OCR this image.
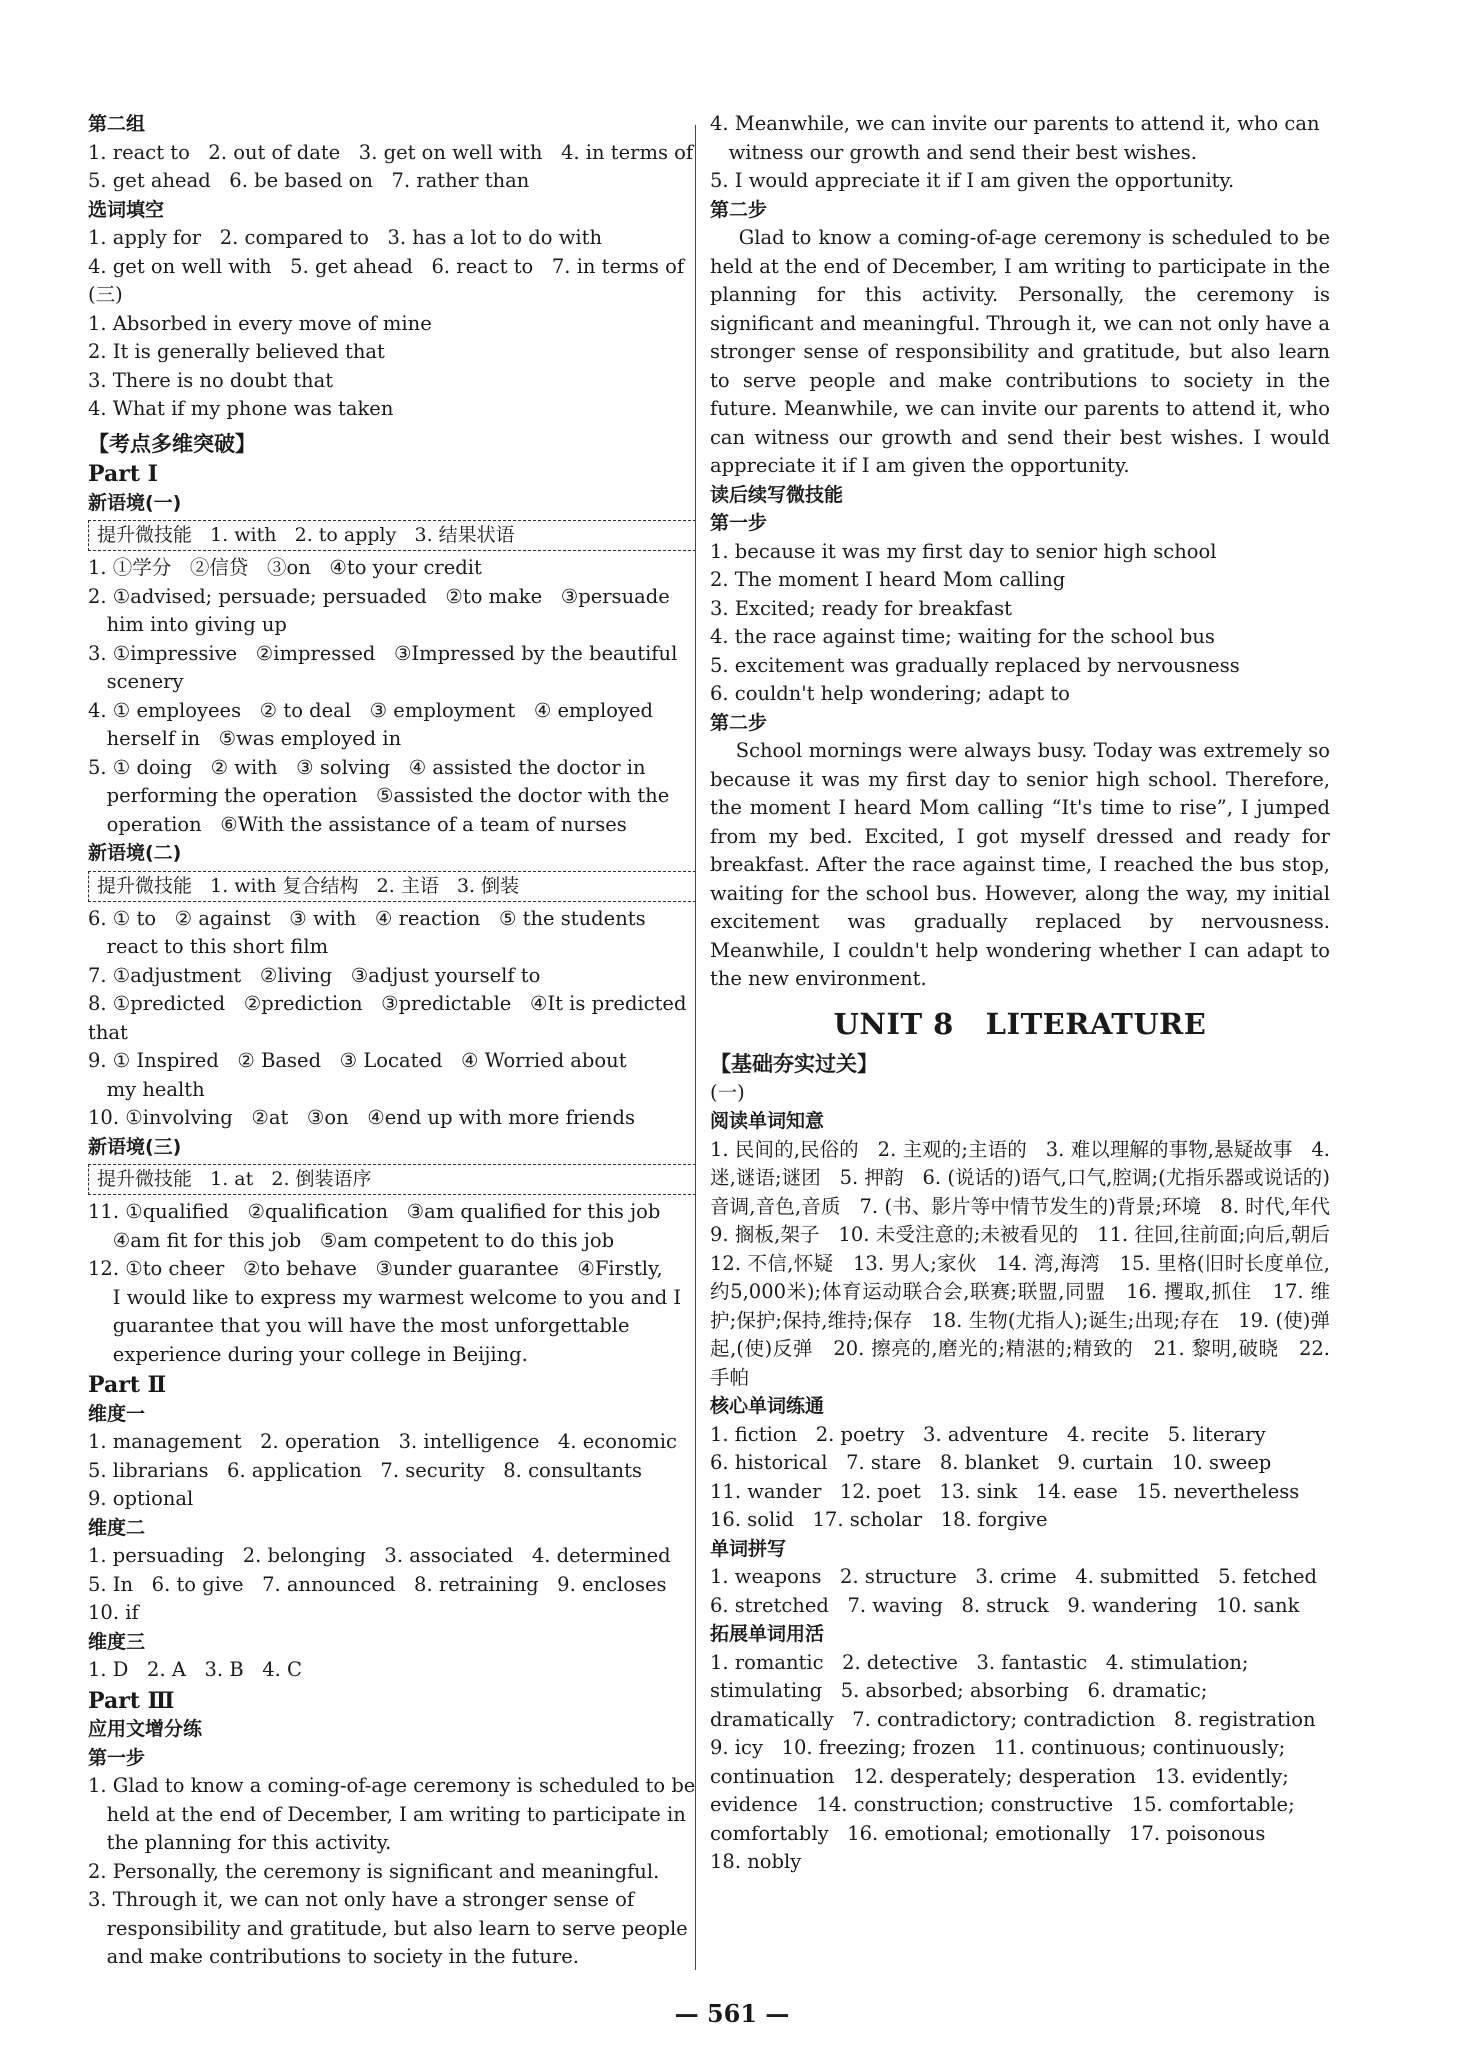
第二组
1. react to   2. out of date   3. get on well with   4. in terms of
5. get ahead   6. be based on   7. rather than
选词填空
1. apply for   2. compared to   3. has a lot to do with
4. get on well with   5. get ahead   6. react to   7. in terms of
(三)
1. Absorbed in every move of mine
2. It is generally believed that
3. There is no doubt that
4. What if my phone was taken
【考点多维突破】
Part Ⅰ
新语境(一)
提升微技能   1. with   2. to apply   3. 结果状语
1. ①学分   ②信贷   ③on   ④to your credit
2. ①advised; persuade; persuaded   ②to make   ③persuade
him into giving up
3. ①impressive   ②impressed   ③Impressed by the beautiful
scenery
4. ① employees   ② to deal   ③ employment   ④ employed
herself in   ⑤was employed in
5. ① doing   ② with   ③ solving   ④ assisted the doctor in
performing the operation   ⑤assisted the doctor with the
operation   ⑥With the assistance of a team of nurses
新语境(二)
提升微技能   1. with 复合结构   2. 主语   3. 倒装
6. ① to   ② against   ③ with   ④ reaction   ⑤ the students
react to this short film
7. ①adjustment   ②living   ③adjust yourself to
8. ①predicted   ②prediction   ③predictable   ④It is predicted that
9. ① Inspired   ② Based   ③ Located   ④ Worried about
my health
10. ①involving   ②at   ③on   ④end up with more friends
新语境(三)
提升微技能   1. at   2. 倒装语序
11. ①qualified   ②qualification   ③am qualified for this job
④am fit for this job   ⑤am competent to do this job
12. ①to cheer   ②to behave   ③under guarantee   ④Firstly,
I would like to express my warmest welcome to you and I
guarantee that you will have the most unforgettable
experience during your college in Beijing.
Part Ⅱ
维度一
1. management   2. operation   3. intelligence   4. economic
5. librarians   6. application   7. security   8. consultants
9. optional
维度二
1. persuading   2. belonging   3. associated   4. determined
5. In   6. to give   7. announced   8. retraining   9. encloses
10. if
维度三
1. D   2. A   3. B   4. C
Part Ⅲ
应用文增分练
第一步
1. Glad to know a coming-of-age ceremony is scheduled to be
held at the end of December, I am writing to participate in
the planning for this activity.
2. Personally, the ceremony is significant and meaningful.
3. Through it, we can not only have a stronger sense of
responsibility and gratitude, but also learn to serve people
and make contributions to society in the future.
4. Meanwhile, we can invite our parents to attend it, who can
witness our growth and send their best wishes.
5. I would appreciate it if I am given the opportunity.
第二步
Glad to know a coming-of-age ceremony is scheduled to be held at the end of December, I am writing to participate in the planning for this activity. Personally, the ceremony is significant and meaningful. Through it, we can not only have a stronger sense of responsibility and gratitude, but also learn to serve people and make contributions to society in the future. Meanwhile, we can invite our parents to attend it, who can witness our growth and send their best wishes. I would appreciate it if I am given the opportunity.
读后续写微技能
第一步
1. because it was my first day to senior high school
2. The moment I heard Mom calling
3. Excited; ready for breakfast
4. the race against time; waiting for the school bus
5. excitement was gradually replaced by nervousness
6. couldn't help wondering; adapt to
第二步
School mornings were always busy. Today was extremely so because it was my first day to senior high school. Therefore, the moment I heard Mom calling “It's time to rise”, I jumped from my bed. Excited, I got myself dressed and ready for breakfast. After the race against time, I reached the bus stop, waiting for the school bus. However, along the way, my initial excitement was gradually replaced by nervousness. Meanwhile, I couldn't help wondering whether I can adapt to the new environment.
UNIT 8   LITERATURE
【基础夯实过关】
(一)
阅读单词知意
1. 民间的,民俗的   2. 主观的;主语的   3. 难以理解的事物,悬疑故事   4. 迷,谜语;谜团   5. 押韵   6. (说话的)语气,口气,腔调;(尤指乐器或说话的)音调,音色,音质   7. (书、影片等中情节发生的)背景;环境   8. 时代,年代   9. 搁板,架子   10. 未受注意的;未被看见的   11. 往回,往前面;向后,朝后   12. 不信,怀疑   13. 男人;家伙   14. 湾,海湾   15. 里格(旧时长度单位,约5,000米);体育运动联合会,联赛;联盟,同盟   16. 攫取,抓住   17. 维护;保护;保持,维持;保存   18. 生物(尤指人);诞生;出现;存在   19. (使)弹起,(使)反弹   20. 擦亮的,磨光的;精湛的;精致的   21. 黎明,破晓   22. 手帕
核心单词练通
1. fiction   2. poetry   3. adventure   4. recite   5. literary
6. historical   7. stare   8. blanket   9. curtain   10. sweep
11. wander   12. poet   13. sink   14. ease   15. nevertheless
16. solid   17. scholar   18. forgive
单词拼写
1. weapons   2. structure   3. crime   4. submitted   5. fetched
6. stretched   7. waving   8. struck   9. wandering   10. sank
拓展单词用活
1. romantic   2. detective   3. fantastic   4. stimulation;
stimulating   5. absorbed; absorbing   6. dramatic;
dramatically   7. contradictory; contradiction   8. registration
9. icy   10. freezing; frozen   11. continuous; continuously;
continuation   12. desperately; desperation   13. evidently;
evidence   14. construction; constructive   15. comfortable;
comfortably   16. emotional; emotionally   17. poisonous
18. nobly
— 561 —
